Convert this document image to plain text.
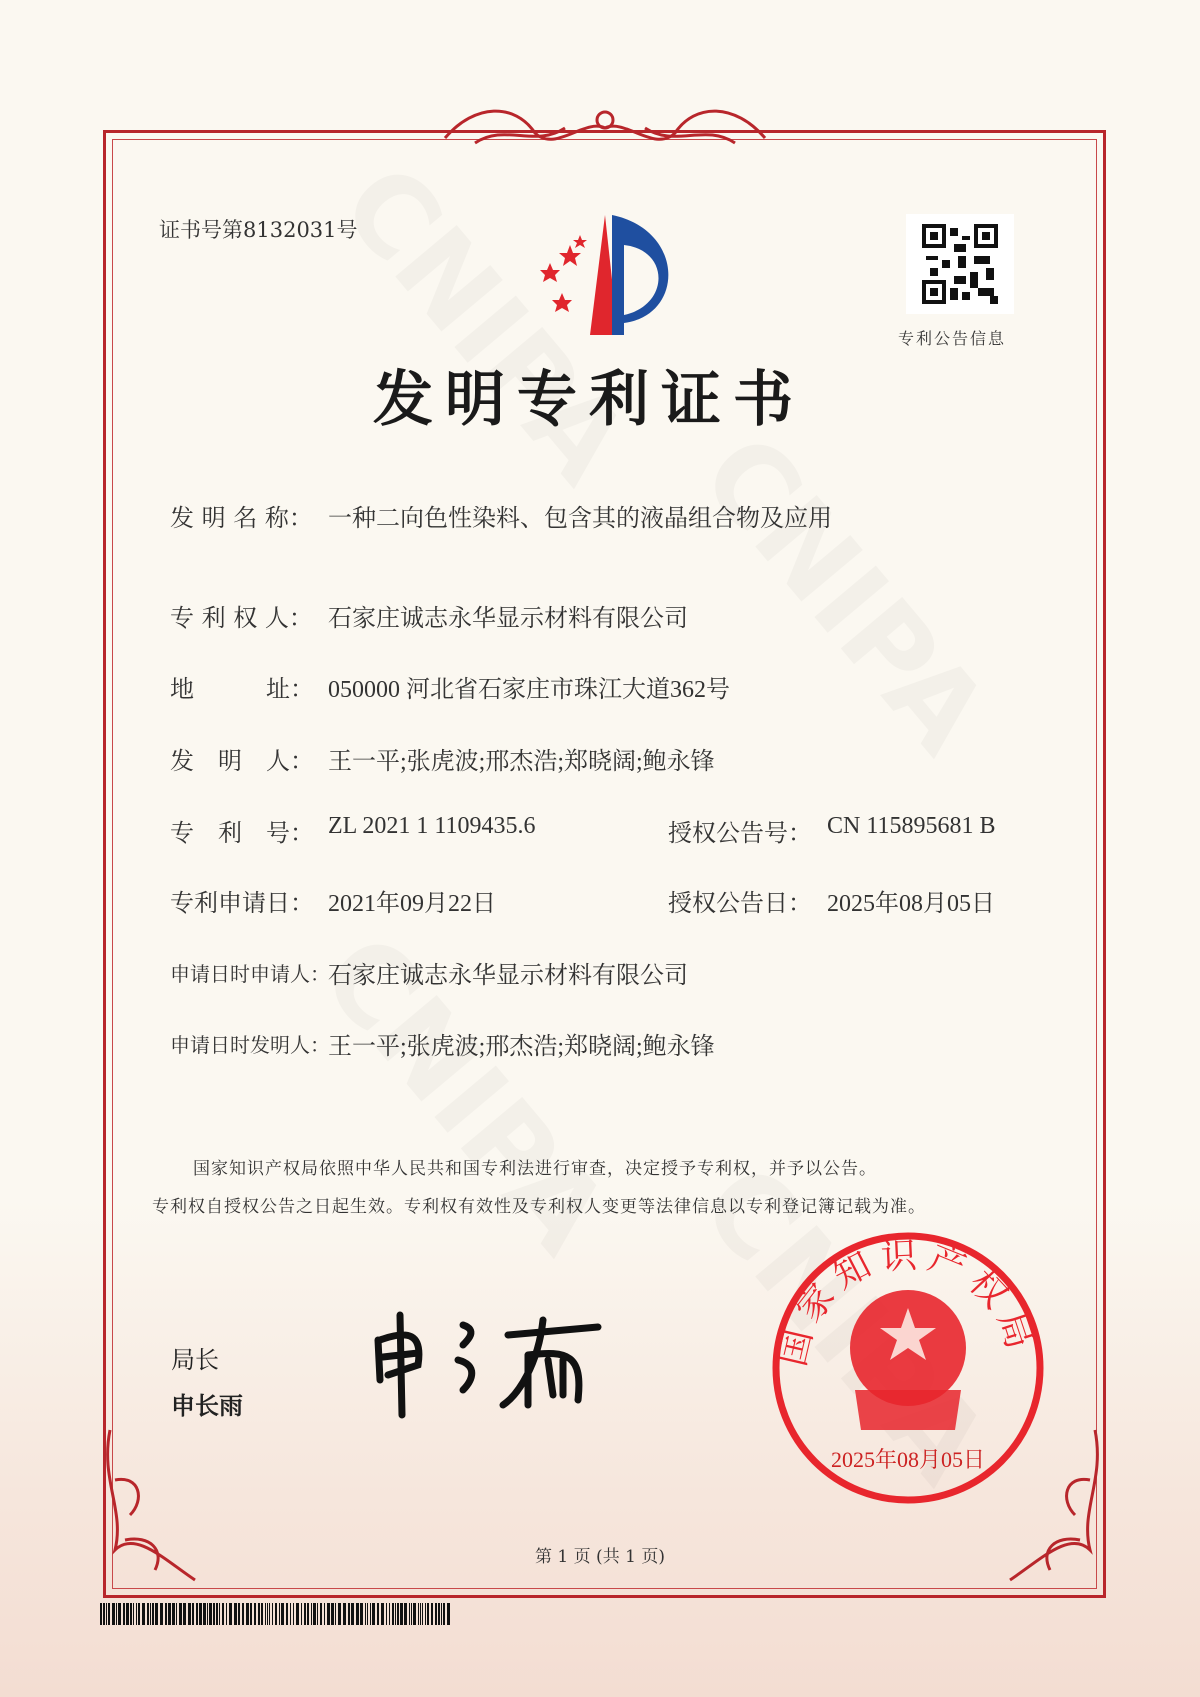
证书号第8132031号
专利公告信息
发明专利证书
发 明 名 称： 一种二向色性染料、包含其的液晶组合物及应用
专 利 权 人： 石家庄诚志永华显示材料有限公司
地　　　址： 050000 河北省石家庄市珠江大道362号
发　明　人： 王一平;张虎波;邢杰浩;郑晓阔;鲍永锋
专　利　号： ZL 2021 1 1109435.6	授权公告号： CN 115895681 B
专利申请日： 2021年09月22日	授权公告日： 2025年08月05日
申请日时申请人：
石家庄诚志永华显示材料有限公司
申请日时发明人：
王一平;张虎波;邢杰浩;郑晓阔;鲍永锋
国家知识产权局依照中华人民共和国专利法进行审查，决定授予专利权，并予以公告。
专利权自授权公告之日起生效。专利权有效性及专利权人变更等法律信息以专利登记簿记载为准。
局长
申长雨
国家知识产权局
2025年08月05日
第 1 页 (共 1 页)
